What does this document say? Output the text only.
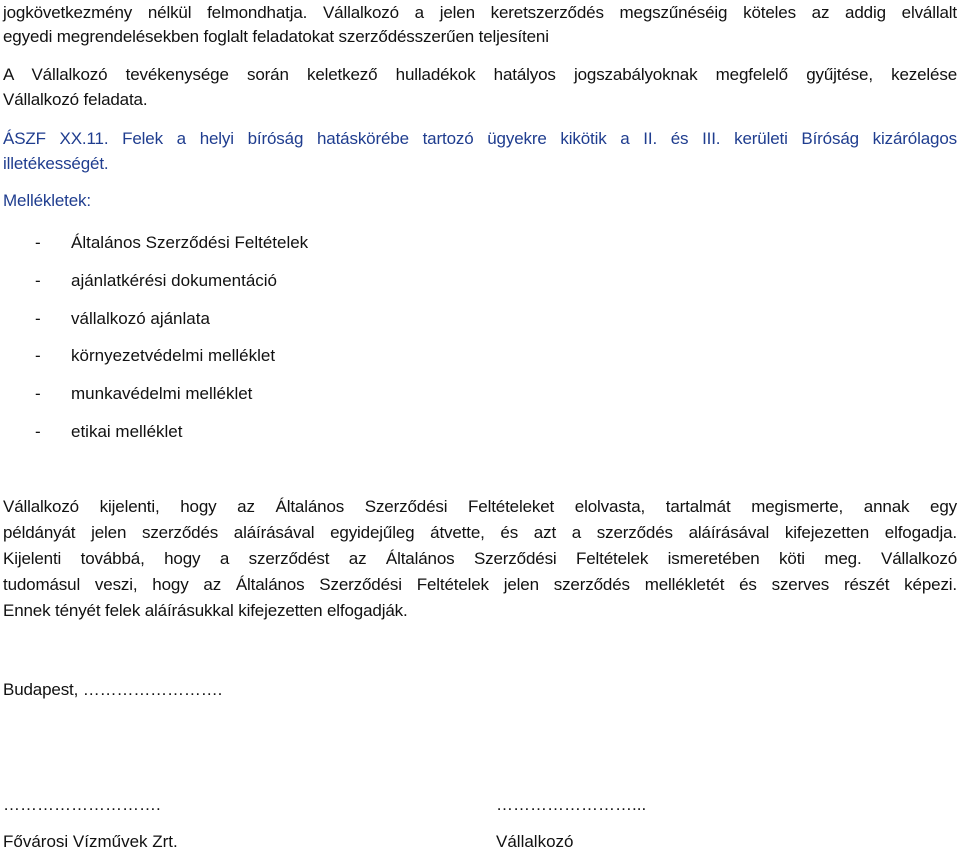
jogkövetkezmény nélkül felmondhatja. Vállalkozó a jelen keretszerződés megszűnéséig köteles az addig elvállalt
egyedi megrendelésekben foglalt feladatokat szerződésszerűen teljesíteni
A Vállalkozó tevékenysége során keletkező hulladékok hatályos jogszabályoknak megfelelő gyűjtése, kezelése
Vállalkozó feladata.
ÁSZF XX.11. Felek a helyi bíróság hatáskörébe tartozó ügyekre kikötik a II. és III. kerületi Bíróság kizárólagos
illetékességét.
Mellékletek:
- Általános Szerződési Feltételek
- ajánlatkérési dokumentáció
- vállalkozó ajánlata
- környezetvédelmi melléklet
- munkavédelmi melléklet
- etikai melléklet
Vállalkozó kijelenti, hogy az Általános Szerződési Feltételeket elolvasta, tartalmát megismerte, annak egy
példányát jelen szerződés aláírásával egyidejűleg átvette, és azt a szerződés aláírásával kifejezetten elfogadja.
Kijelenti továbbá, hogy a szerződést az Általános Szerződési Feltételek ismeretében köti meg. Vállalkozó
tudomásul veszi, hogy az Általános Szerződési Feltételek jelen szerződés mellékletét és szerves részét képezi.
Ennek tényét felek aláírásukkal kifejezetten elfogadják.
Budapest, …………………….
……………………….	……………………...
Fővárosi Vízművek Zrt.	Vállalkozó
